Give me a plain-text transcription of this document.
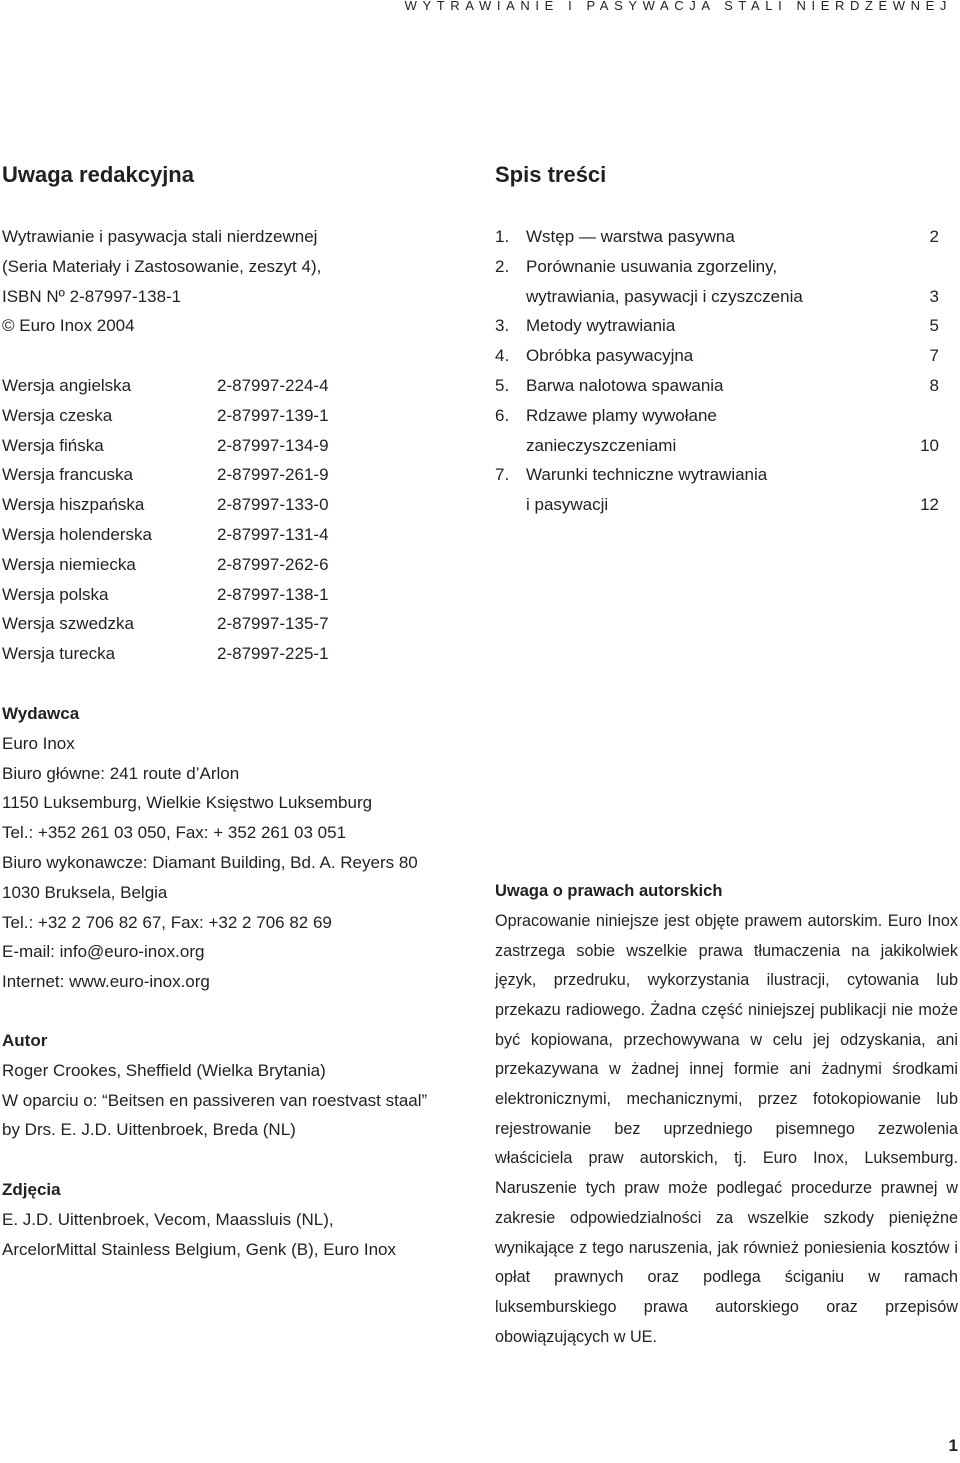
WYTRAWIANIE I PASYWACJA STALI NIERDZEWNEJ
Uwaga redakcyjna
Wytrawianie i pasywacja stali nierdzewnej
(Seria Materiały i Zastosowanie, zeszyt 4),
ISBN Nº 2-87997-138-1
© Euro Inox 2004
Wersja angielska	2-87997-224-4
Wersja czeska	2-87997-139-1
Wersja fińska	2-87997-134-9
Wersja francuska	2-87997-261-9
Wersja hiszpańska	2-87997-133-0
Wersja holenderska	2-87997-131-4
Wersja niemiecka	2-87997-262-6
Wersja polska	2-87997-138-1
Wersja szwedzka	2-87997-135-7
Wersja turecka	2-87997-225-1
Wydawca
Euro Inox
Biuro główne: 241 route d’Arlon
1150 Luksemburg, Wielkie Księstwo Luksemburg
Tel.: +352 261 03 050, Fax: + 352 261 03 051
Biuro wykonawcze: Diamant Building, Bd. A. Reyers 80
1030 Bruksela, Belgia
Tel.: +32 2 706 82 67, Fax: +32 2 706 82 69
E-mail: info@euro-inox.org
Internet: www.euro-inox.org
Autor
Roger Crookes, Sheffield (Wielka Brytania)
W oparciu o: “Beitsen en passiveren van roestvast staal”
by Drs. E. J.D. Uittenbroek, Breda (NL)
Zdjęcia
E. J.D. Uittenbroek, Vecom, Maassluis (NL),
ArcelorMittal Stainless Belgium, Genk (B), Euro Inox
Spis treści
1. Wstęp — warstwa pasywna	2
2. Porównanie usuwania zgorzeliny,
wytrawiania, pasywacji i czyszczenia	3
3. Metody wytrawiania	5
4. Obróbka pasywacyjna	7
5. Barwa nalotowa spawania	8
6. Rdzawe plamy wywołane
zanieczyszczeniami	10
7. Warunki techniczne wytrawiania
i pasywacji	12
Uwaga o prawach autorskich

Opracowanie niniejsze jest objęte prawem autorskim. Euro Inox zastrzega sobie wszelkie prawa tłumaczenia na jakikolwiek język, przedruku, wykorzystania ilustracji, cytowania lub przekazu radiowego. Żadna część niniejszej publikacji nie może być kopiowana, przechowywana w celu jej odzyskania, ani przekazywana w żadnej innej formie ani żadnymi środkami elektronicznymi, mechanicznymi, przez fotokopiowanie lub rejestrowanie bez uprzedniego pisemnego zezwolenia właściciela praw autorskich, tj. Euro Inox, Luksemburg. Naruszenie tych praw może podlegać procedurze prawnej w zakresie odpowiedzialności za wszelkie szkody pieniężne wynikające z tego naruszenia, jak również poniesienia kosztów i opłat prawnych oraz podlega ściganiu w ramach luksemburskiego prawa autorskiego oraz przepisów obowiązujących w UE.

1
